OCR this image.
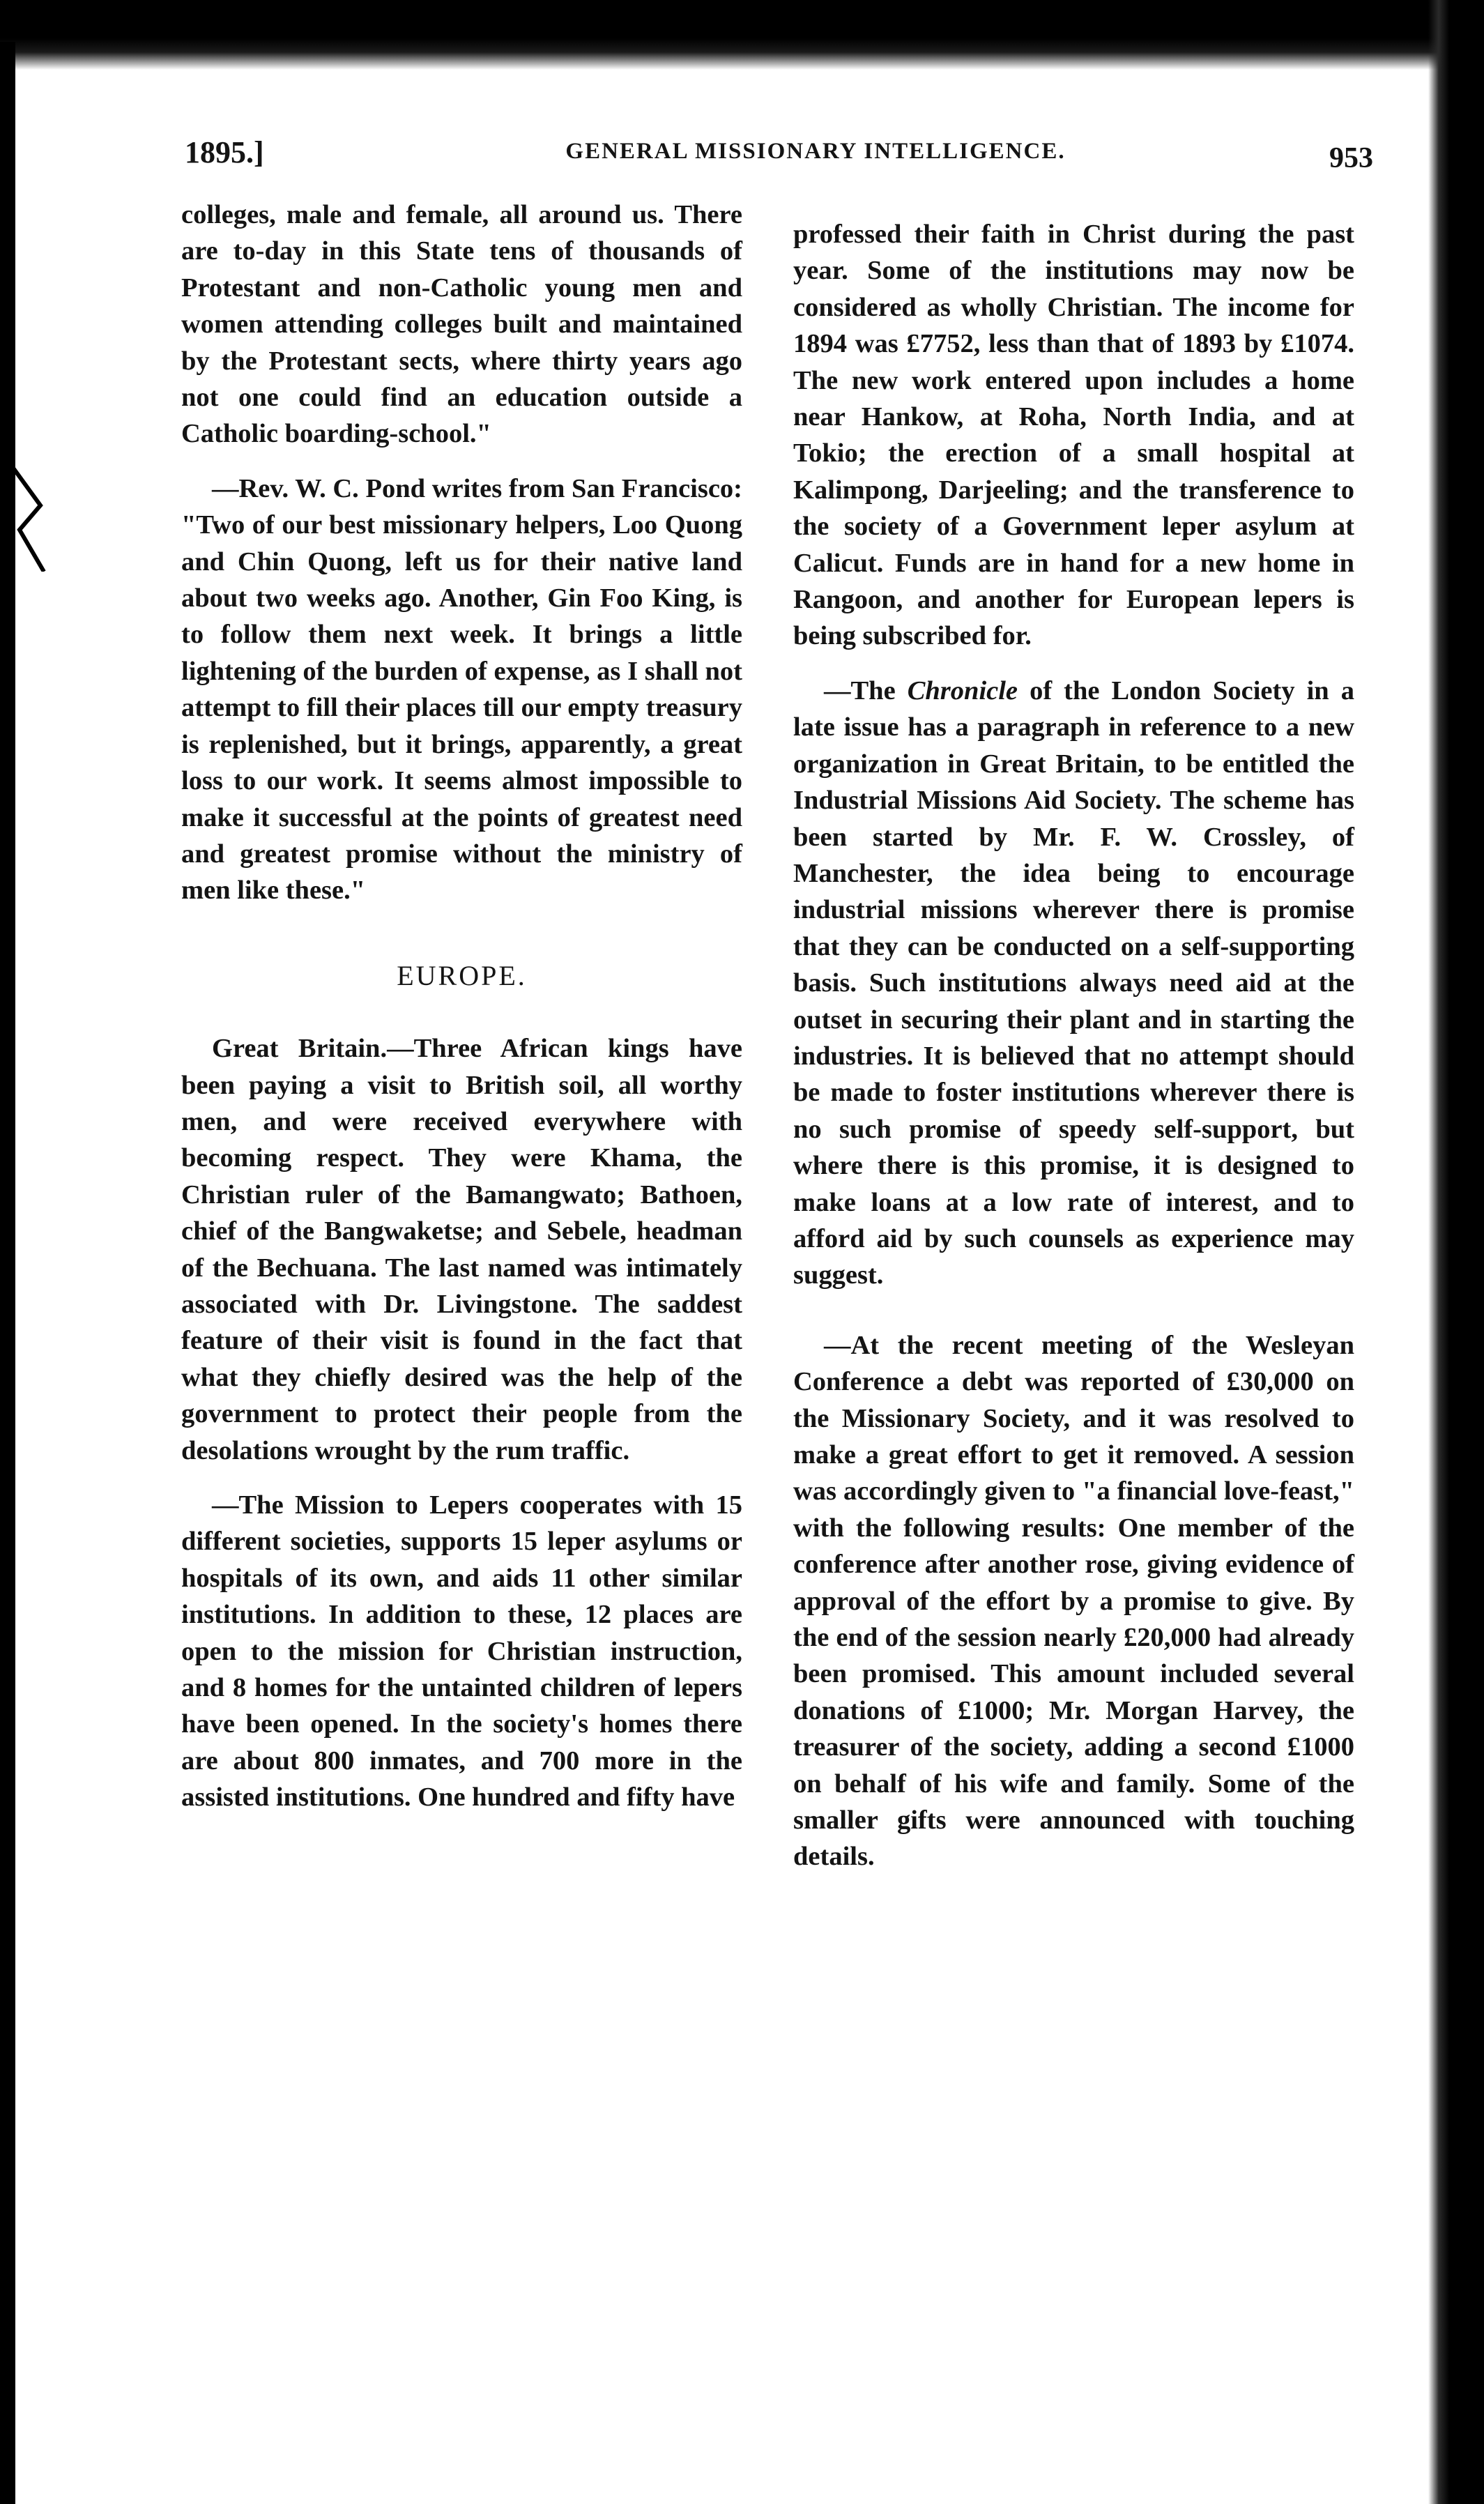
1895.]	GENERAL MISSIONARY INTELLIGENCE.	953

colleges, male and female, all around us. There are to-day in this State tens of thousands of Protestant and non-Catholic young men and women attending colleges built and maintained by the Protestant sects, where thirty years ago not one could find an education outside a Catholic boarding-school."

—Rev. W. C. Pond writes from San Francisco: "Two of our best missionary helpers, Loo Quong and Chin Quong, left us for their native land about two weeks ago. Another, Gin Foo King, is to follow them next week. It brings a little lightening of the burden of expense, as I shall not attempt to fill their places till our empty treasury is replenished, but it brings, apparently, a great loss to our work. It seems almost impossible to make it successful at the points of greatest need and greatest promise without the ministry of men like these."

EUROPE.

Great Britain.—Three African kings have been paying a visit to British soil, all worthy men, and were received everywhere with becoming respect. They were Khama, the Christian ruler of the Bamangwato; Bathoen, chief of the Bangwaketse; and Sebele, headman of the Bechuana. The last named was intimately associated with Dr. Livingstone. The saddest feature of their visit is found in the fact that what they chiefly desired was the help of the government to protect their people from the desolations wrought by the rum traffic.

—The Mission to Lepers cooperates with 15 different societies, supports 15 leper asylums or hospitals of its own, and aids 11 other similar institutions. In addition to these, 12 places are open to the mission for Christian instruction, and 8 homes for the untainted children of lepers have been opened. In the society's homes there are about 800 inmates, and 700 more in the assisted institutions. One hundred and fifty have

professed their faith in Christ during the past year. Some of the institutions may now be considered as wholly Christian. The income for 1894 was £7752, less than that of 1893 by £1074. The new work entered upon includes a home near Hankow, at Roha, North India, and at Tokio; the erection of a small hospital at Kalimpong, Darjeeling; and the transference to the society of a Government leper asylum at Calicut. Funds are in hand for a new home in Rangoon, and another for European lepers is being subscribed for.

—The Chronicle of the London Society in a late issue has a paragraph in reference to a new organization in Great Britain, to be entitled the Industrial Missions Aid Society. The scheme has been started by Mr. F. W. Crossley, of Manchester, the idea being to encourage industrial missions wherever there is promise that they can be conducted on a self-supporting basis. Such institutions always need aid at the outset in securing their plant and in starting the industries. It is believed that no attempt should be made to foster institutions wherever there is no such promise of speedy self-support, but where there is this promise, it is designed to make loans at a low rate of interest, and to afford aid by such counsels as experience may suggest.

—At the recent meeting of the Wesleyan Conference a debt was reported of £30,000 on the Missionary Society, and it was resolved to make a great effort to get it removed. A session was accordingly given to "a financial love-feast," with the following results: One member of the conference after another rose, giving evidence of approval of the effort by a promise to give. By the end of the session nearly £20,000 had already been promised. This amount included several donations of £1000; Mr. Morgan Harvey, the treasurer of the society, adding a second £1000 on behalf of his wife and family. Some of the smaller gifts were announced with touching details.
